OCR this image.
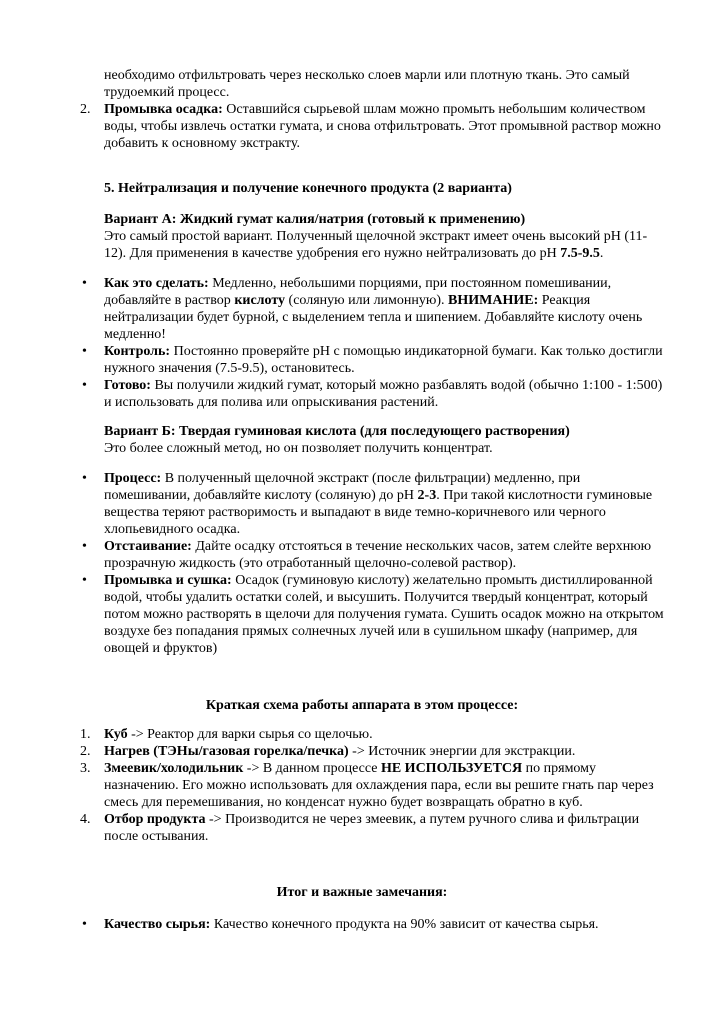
необходимо отфильтровать через несколько слоев марли или плотную ткань. Это самый трудоемкий процесс.

2. Промывка осадка: Оставшийся сырьевой шлам можно промыть небольшим количеством воды, чтобы извлечь остатки гумата, и снова отфильтровать. Этот промывной раствор можно добавить к основному экстракту.

5. Нейтрализация и получение конечного продукта (2 варианта)

Вариант А: Жидкий гумат калия/натрия (готовый к применению)

Это самый простой вариант. Полученный щелочной экстракт имеет очень высокий pH (11-12). Для применения в качестве удобрения его нужно нейтрализовать до pH 7.5-9.5.

• Как это сделать: Медленно, небольшими порциями, при постоянном помешивании, добавляйте в раствор кислоту (соляную или лимонную). ВНИМАНИЕ: Реакция нейтрализации будет бурной, с выделением тепла и шипением. Добавляйте кислоту очень медленно!

• Контроль: Постоянно проверяйте pH с помощью индикаторной бумаги. Как только достигли нужного значения (7.5-9.5), остановитесь.

• Готово: Вы получили жидкий гумат, который можно разбавлять водой (обычно 1:100 - 1:500) и использовать для полива или опрыскивания растений.

Вариант Б: Твердая гуминовая кислота (для последующего растворения)

Это более сложный метод, но он позволяет получить концентрат.

• Процесс: В полученный щелочной экстракт (после фильтрации) медленно, при помешивании, добавляйте кислоту (соляную) до pH 2-3. При такой кислотности гуминовые вещества теряют растворимость и выпадают в виде темно-коричневого или черного хлопьевидного осадка.

• Отстаивание: Дайте осадку отстояться в течение нескольких часов, затем слейте верхнюю прозрачную жидкость (это отработанный щелочно-солевой раствор).

• Промывка и сушка: Осадок (гуминовую кислоту) желательно промыть дистиллированной водой, чтобы удалить остатки солей, и высушить. Получится твердый концентрат, который потом можно растворять в щелочи для получения гумата. Сушить осадок можно на открытом воздухе без попадания прямых солнечных лучей или в сушильном шкафу (например, для овощей и фруктов)

Краткая схема работы аппарата в этом процессе:

1. Куб -> Реактор для варки сырья со щелочью.

2. Нагрев (ТЭНы/газовая горелка/печка) -> Источник энергии для экстракции.

3. Змеевик/холодильник -> В данном процессе НЕ ИСПОЛЬЗУЕТСЯ по прямому назначению. Его можно использовать для охлаждения пара, если вы решите гнать пар через смесь для перемешивания, но конденсат нужно будет возвращать обратно в куб.

4. Отбор продукта -> Производится не через змеевик, а путем ручного слива и фильтрации после остывания.

Итог и важные замечания:

• Качество сырья: Качество конечного продукта на 90% зависит от качества сырья.
